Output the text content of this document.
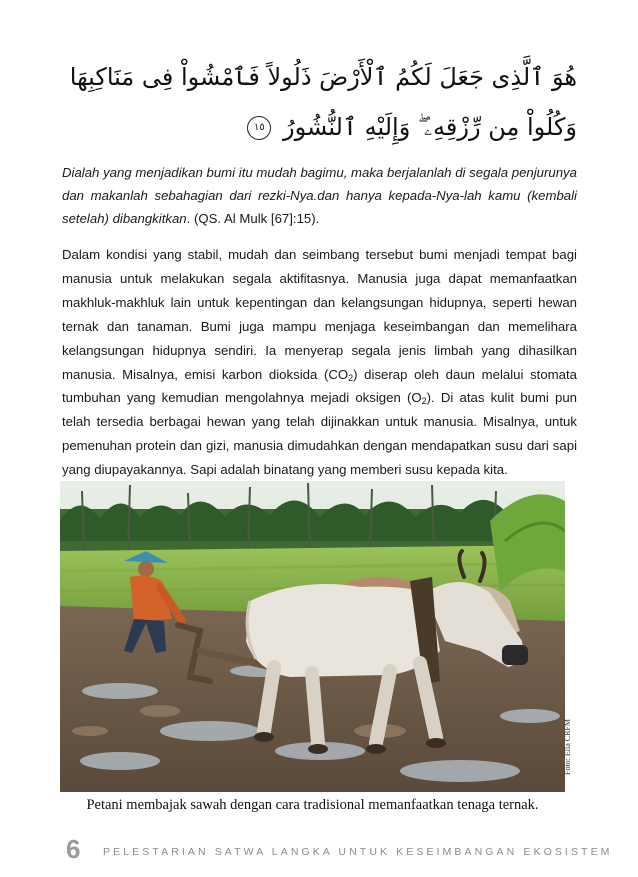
هُوَ ٱلَّذِى جَعَلَ لَكُمُ ٱلْأَرْضَ ذَلُولاً فَٱمْشُواْ فِى مَنَاكِبِهَا وَكُلُواْ مِن رِّزْقِهِۦ ۖ وَإِلَيْهِ ٱلنُّشُورُ ١٥
Dialah yang menjadikan bumi itu mudah bagimu, maka berjalanlah di segala penjurunya dan makanlah sebahagian dari rezki-Nya.dan hanya kepada-Nya-lah kamu (kembali setelah) dibangkitkan. (QS. Al Mulk [67]:15).
Dalam kondisi yang stabil, mudah dan seimbang tersebut bumi menjadi tempat bagi manusia untuk melakukan segala aktifitasnya. Manusia juga dapat memanfaatkan makhluk-makhluk lain untuk kepentingan dan kelangsungan hidupnya, seperti hewan ternak dan tanaman. Bumi juga mampu menjaga keseimbangan dan memelihara kelangsungan hidupnya sendiri. Ia menyerap segala jenis limbah yang dihasilkan manusia. Misalnya, emisi karbon dioksida $(CO_2)$ diserap oleh daun melalui stomata tumbuhan yang kemudian mengolahnya mejadi oksigen $(O_2)$. Di atas kulit bumi pun telah tersedia berbagai hewan yang telah dijinakkan untuk manusia. Misalnya, untuk pemenuhan protein dan gizi, manusia dimudahkan dengan mendapatkan susu dari sapi yang diupayakannya. Sapi adalah binatang yang memberi susu kepada kita.
Foto: Ella CRFM
Petani membajak sawah dengan cara tradisional memanfaatkan tenaga ternak.
6 PELESTARIAN SATWA LANGKA UNTUK KESEIMBANGAN EKOSISTEM
